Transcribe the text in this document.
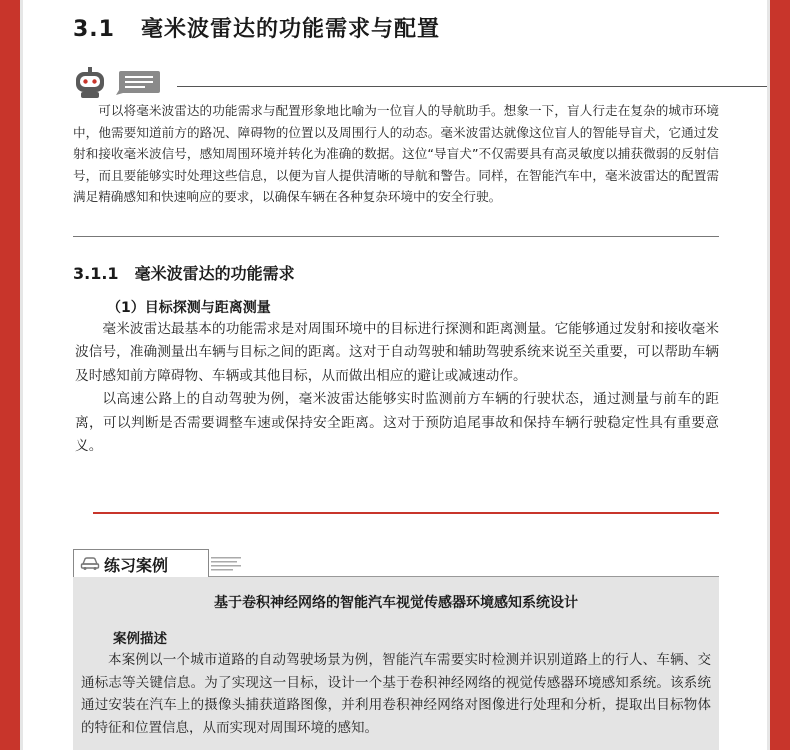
3.1 毫米波雷达的功能需求与配置

可以将毫米波雷达的功能需求与配置形象地比喻为一位盲人的导航助手。想象一下，盲人行走在复杂的城市环境中，他需要知道前方的路况、障碍物的位置以及周围行人的动态。毫米波雷达就像这位盲人的智能导盲犬，它通过发射和接收毫米波信号，感知周围环境并转化为准确的数据。这位“导盲犬”不仅需要具有高灵敏度以捕获微弱的反射信号，而且要能够实时处理这些信息，以便为盲人提供清晰的导航和警告。同样，在智能汽车中，毫米波雷达的配置需满足精确感知和快速响应的要求，以确保车辆在各种复杂环境中的安全行驶。

3.1.1 毫米波雷达的功能需求
（1）目标探测与距离测量

毫米波雷达最基本的功能需求是对周围环境中的目标进行探测和距离测量。它能够通过发射和接收毫米波信号，准确测量出车辆与目标之间的距离。这对于自动驾驶和辅助驾驶系统来说至关重要，可以帮助车辆及时感知前方障碍物、车辆或其他目标，从而做出相应的避让或减速动作。

以高速公路上的自动驾驶为例，毫米波雷达能够实时监测前方车辆的行驶状态，通过测量与前车的距离，可以判断是否需要调整车速或保持安全距离。这对于预防追尾事故和保持车辆行驶稳定性具有重要意义。

练习案例
基于卷积神经网络的智能汽车视觉传感器环境感知系统设计
案例描述

本案例以一个城市道路的自动驾驶场景为例，智能汽车需要实时检测并识别道路上的行人、车辆、交通标志等关键信息。为了实现这一目标，设计一个基于卷积神经网络的视觉传感器环境感知系统。该系统通过安装在汽车上的摄像头捕获道路图像，并利用卷积神经网络对图像进行处理和分析，提取出目标物体的特征和位置信息，从而实现对周围环境的感知。
